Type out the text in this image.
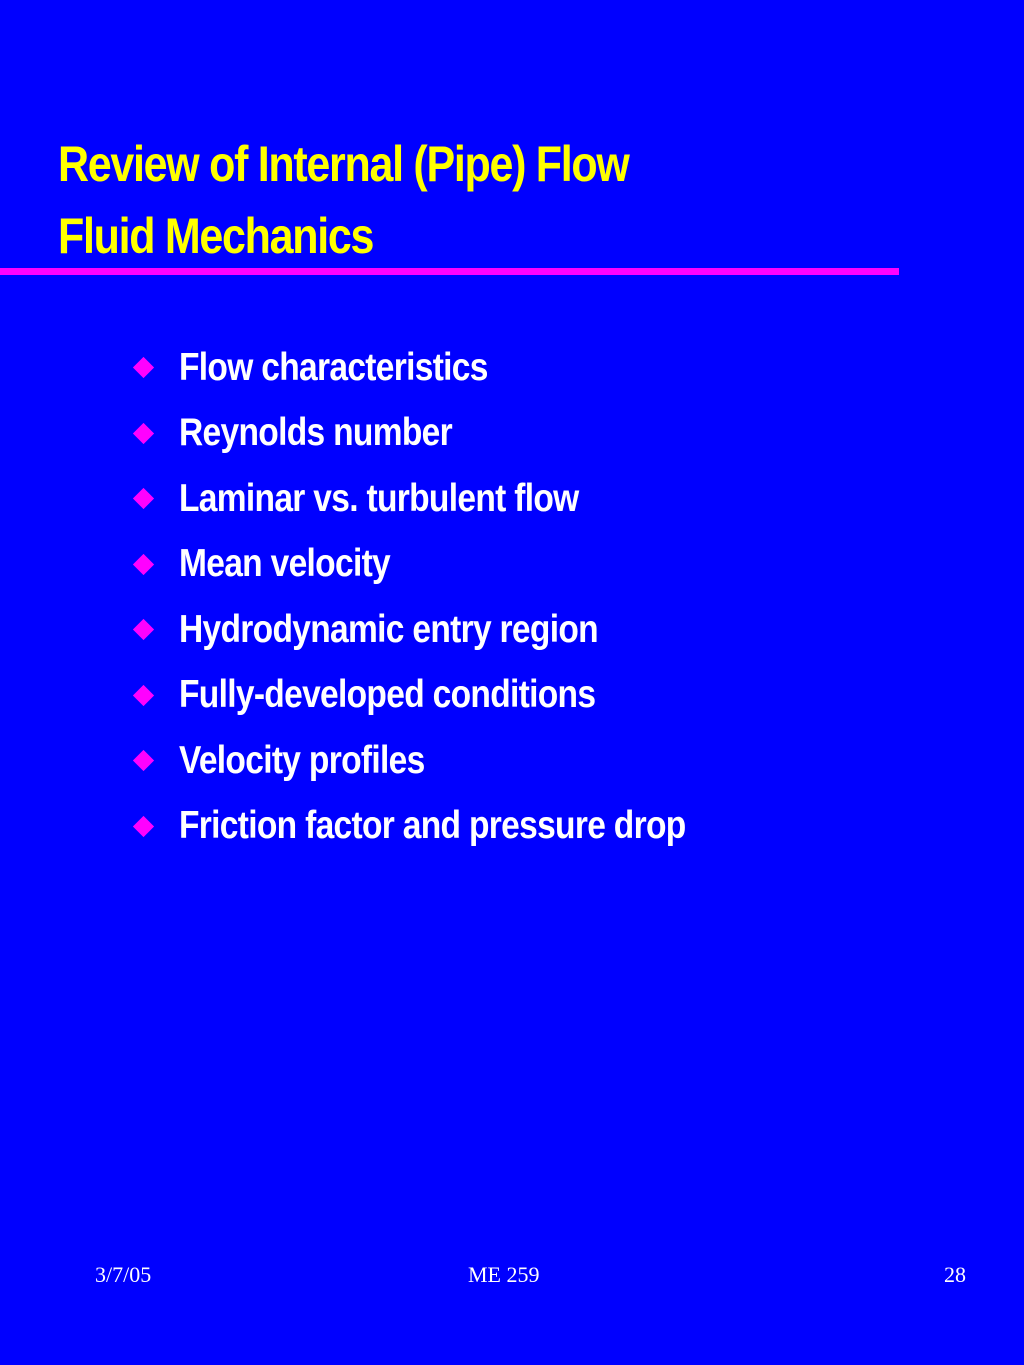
Review of Internal (Pipe) Flow
Fluid Mechanics
Flow characteristics
Reynolds number
Laminar vs. turbulent flow
Mean velocity
Hydrodynamic entry region
Fully-developed conditions
Velocity profiles
Friction factor and pressure drop
3/7/05	ME 259	28
